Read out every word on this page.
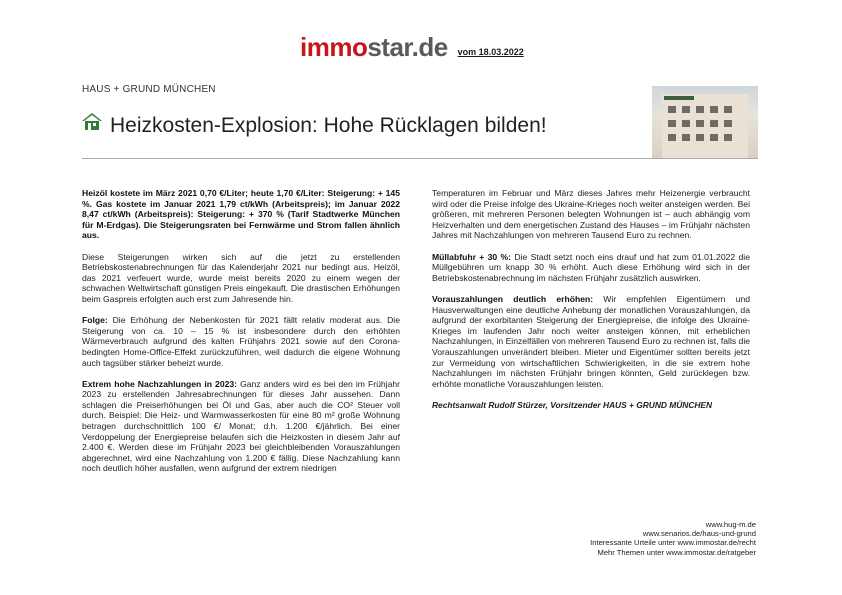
immostar.de vom 18.03.2022
HAUS + GRUND MÜNCHEN
Heizkosten-Explosion: Hohe Rücklagen bilden!

Heizöl kostete im März 2021 0,70 €/Liter; heute 1,70 €/Liter: Steigerung: + 145 %. Gas kostete im Januar 2021 1,79 ct/kWh (Arbeitspreis); im Januar 2022 8,47 ct/kWh (Arbeitspreis): Steigerung: + 370 % (Tarif Stadtwerke München für M-Erdgas). Die Steigerungsraten bei Fernwärme und Strom fallen ähnlich aus.

Diese Steigerungen wirken sich auf die jetzt zu erstellenden Betriebskostenabrechnungen für das Kalenderjahr 2021 nur bedingt aus. Heizöl, das 2021 verfeuert wurde, wurde meist bereits 2020 zu einem wegen der schwachen Weltwirtschaft günstigen Preis eingekauft. Die drastischen Erhöhungen beim Gaspreis erfolgten auch erst zum Jahresende hin.

Folge: Die Erhöhung der Nebenkosten für 2021 fällt relativ moderat aus. Die Steigerung von ca. 10 – 15 % ist insbesondere durch den erhöhten Wärmeverbrauch aufgrund des kalten Frühjahrs 2021 sowie auf den Corona-bedingten Home-Office-Effekt zurückzuführen, weil dadurch die eigene Wohnung auch tagsüber stärker beheizt wurde.

Extrem hohe Nachzahlungen in 2023: Ganz anders wird es bei den im Frühjahr 2023 zu erstellenden Jahresabrechnungen für dieses Jahr aussehen. Dann schlagen die Preiserhöhungen bei Öl und Gas, aber auch die CO² Steuer voll durch. Beispiel: Die Heiz- und Warmwasserkosten für eine 80 m² große Wohnung betragen durchschnittlich 100 €/ Monat; d.h. 1.200 €/jährlich. Bei einer Verdoppelung der Energiepreise belaufen sich die Heizkosten in diesem Jahr auf 2.400 €. Werden diese im Frühjahr 2023 bei gleichbleibenden Vorauszahlungen abgerechnet, wird eine Nachzahlung von 1.200 € fällig. Diese Nachzahlung kann noch deutlich höher ausfallen, wenn aufgrund der extrem niedrigen

Temperaturen im Februar und März dieses Jahres mehr Heizenergie verbraucht wird oder die Preise infolge des Ukraine-Krieges noch weiter ansteigen werden. Bei größeren, mit mehreren Personen belegten Wohnungen ist – auch abhängig vom Heizverhalten und dem energetischen Zustand des Hauses – im Frühjahr nächsten Jahres mit Nachzahlungen von mehreren Tausend Euro zu rechnen.

Müllabfuhr + 30 %: Die Stadt setzt noch eins drauf und hat zum 01.01.2022 die Müllgebühren um knapp 30 % erhöht. Auch diese Erhöhung wird sich in der Betriebskostenabrechnung im nächsten Frühjahr zusätzlich auswirken.

Vorauszahlungen deutlich erhöhen: Wir empfehlen Eigentümern und Hausverwaltungen eine deutliche Anhebung der monatlichen Vorauszahlungen, da aufgrund der exorbitanten Steigerung der Energiepreise, die infolge des Ukraine-Krieges im laufenden Jahr noch weiter ansteigen können, mit erheblichen Nachzahlungen, in Einzelfällen von mehreren Tausend Euro zu rechnen ist, falls die Vorauszahlungen unverändert bleiben. Mieter und Eigentümer sollten bereits jetzt zur Vermeidung von wirtschaftlichen Schwierigkeiten, in die sie extrem hohe Nachzahlungen im nächsten Frühjahr bringen könnten, Geld zurücklegen bzw. erhöhte monatliche Vorauszahlungen leisten.

Rechtsanwalt Rudolf Stürzer, Vorsitzender HAUS + GRUND MÜNCHEN

www.hug-m.de
www.senarios.de/haus-und-grund
Interessante Urteile unter www.immostar.de/recht
Mehr Themen unter www.immostar.de/ratgeber
